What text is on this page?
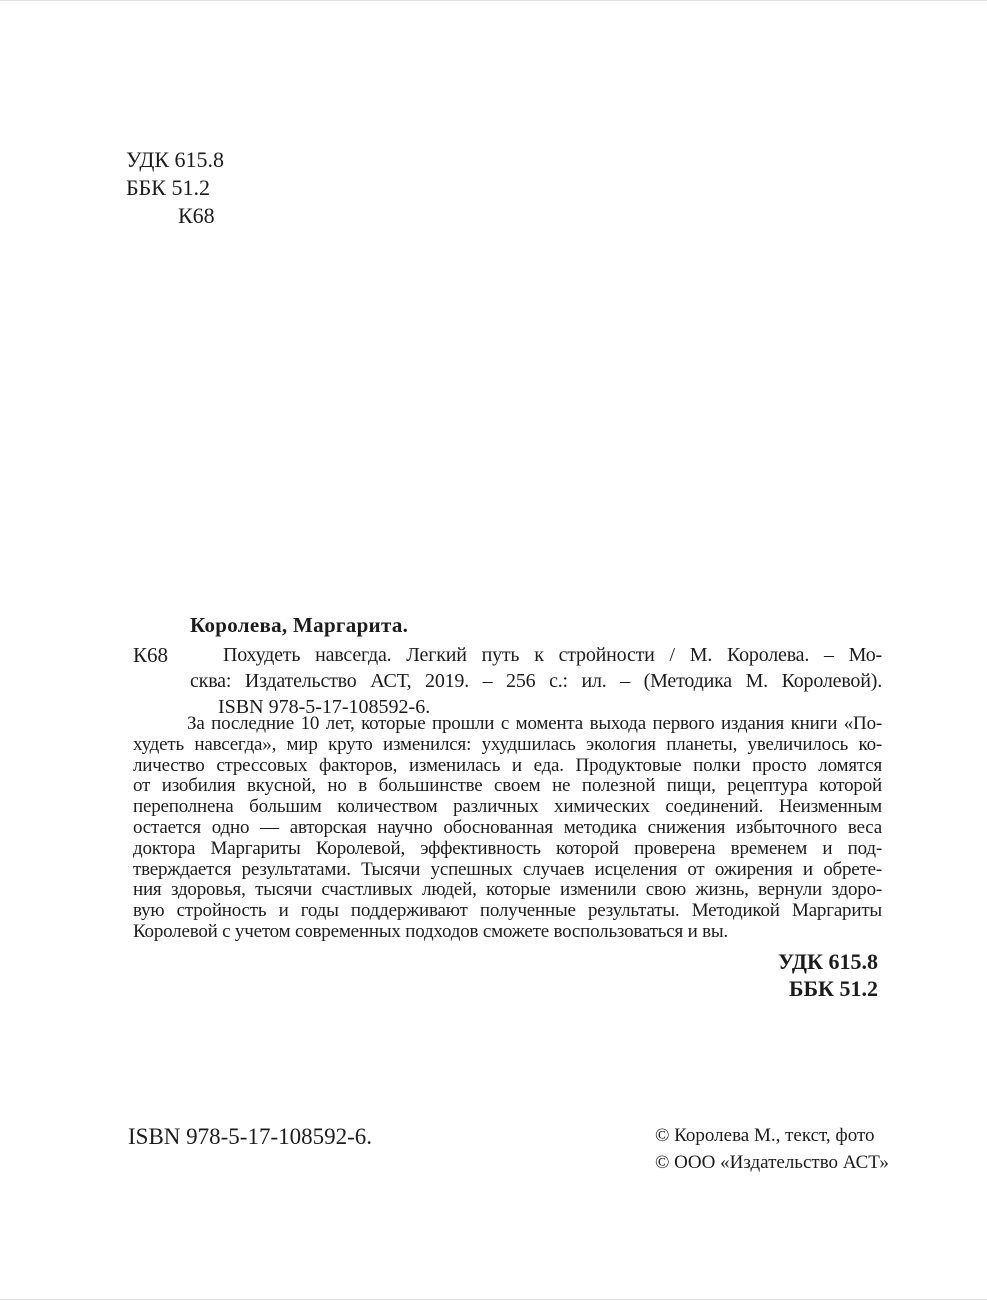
УДК 615.8
ББК 51.2
К68
Королева, Маргарита.
К68	Похудеть навсегда. Легкий путь к стройности / М. Королева. – Мо-
сква: Издательство АСТ, 2019. – 256 с.: ил. – (Методика М. Королевой).
ISBN 978-5-17-108592-6.
За последние 10 лет, которые прошли с момента выхода первого издания книги «По-
худеть навсегда», мир круто изменился: ухудшилась экология планеты, увеличилось ко-
личество стрессовых факторов, изменилась и еда. Продуктовые полки просто ломятся
от изобилия вкусной, но в большинстве своем не полезной пищи, рецептура которой
переполнена большим количеством различных химических соединений. Неизменным
остается одно — авторская научно обоснованная методика снижения избыточного веса
доктора Маргариты Королевой, эффективность которой проверена временем и под-
тверждается результатами. Тысячи успешных случаев исцеления от ожирения и обрете-
ния здоровья, тысячи счастливых людей, которые изменили свою жизнь, вернули здоро-
вую стройность и годы поддерживают полученные результаты. Методикой Маргариты
Королевой с учетом современных подходов сможете воспользоваться и вы.
УДК 615.8
ББК 51.2
ISBN 978-5-17-108592-6.	© Королева М., текст, фото
© ООО «Издательство АСТ»
